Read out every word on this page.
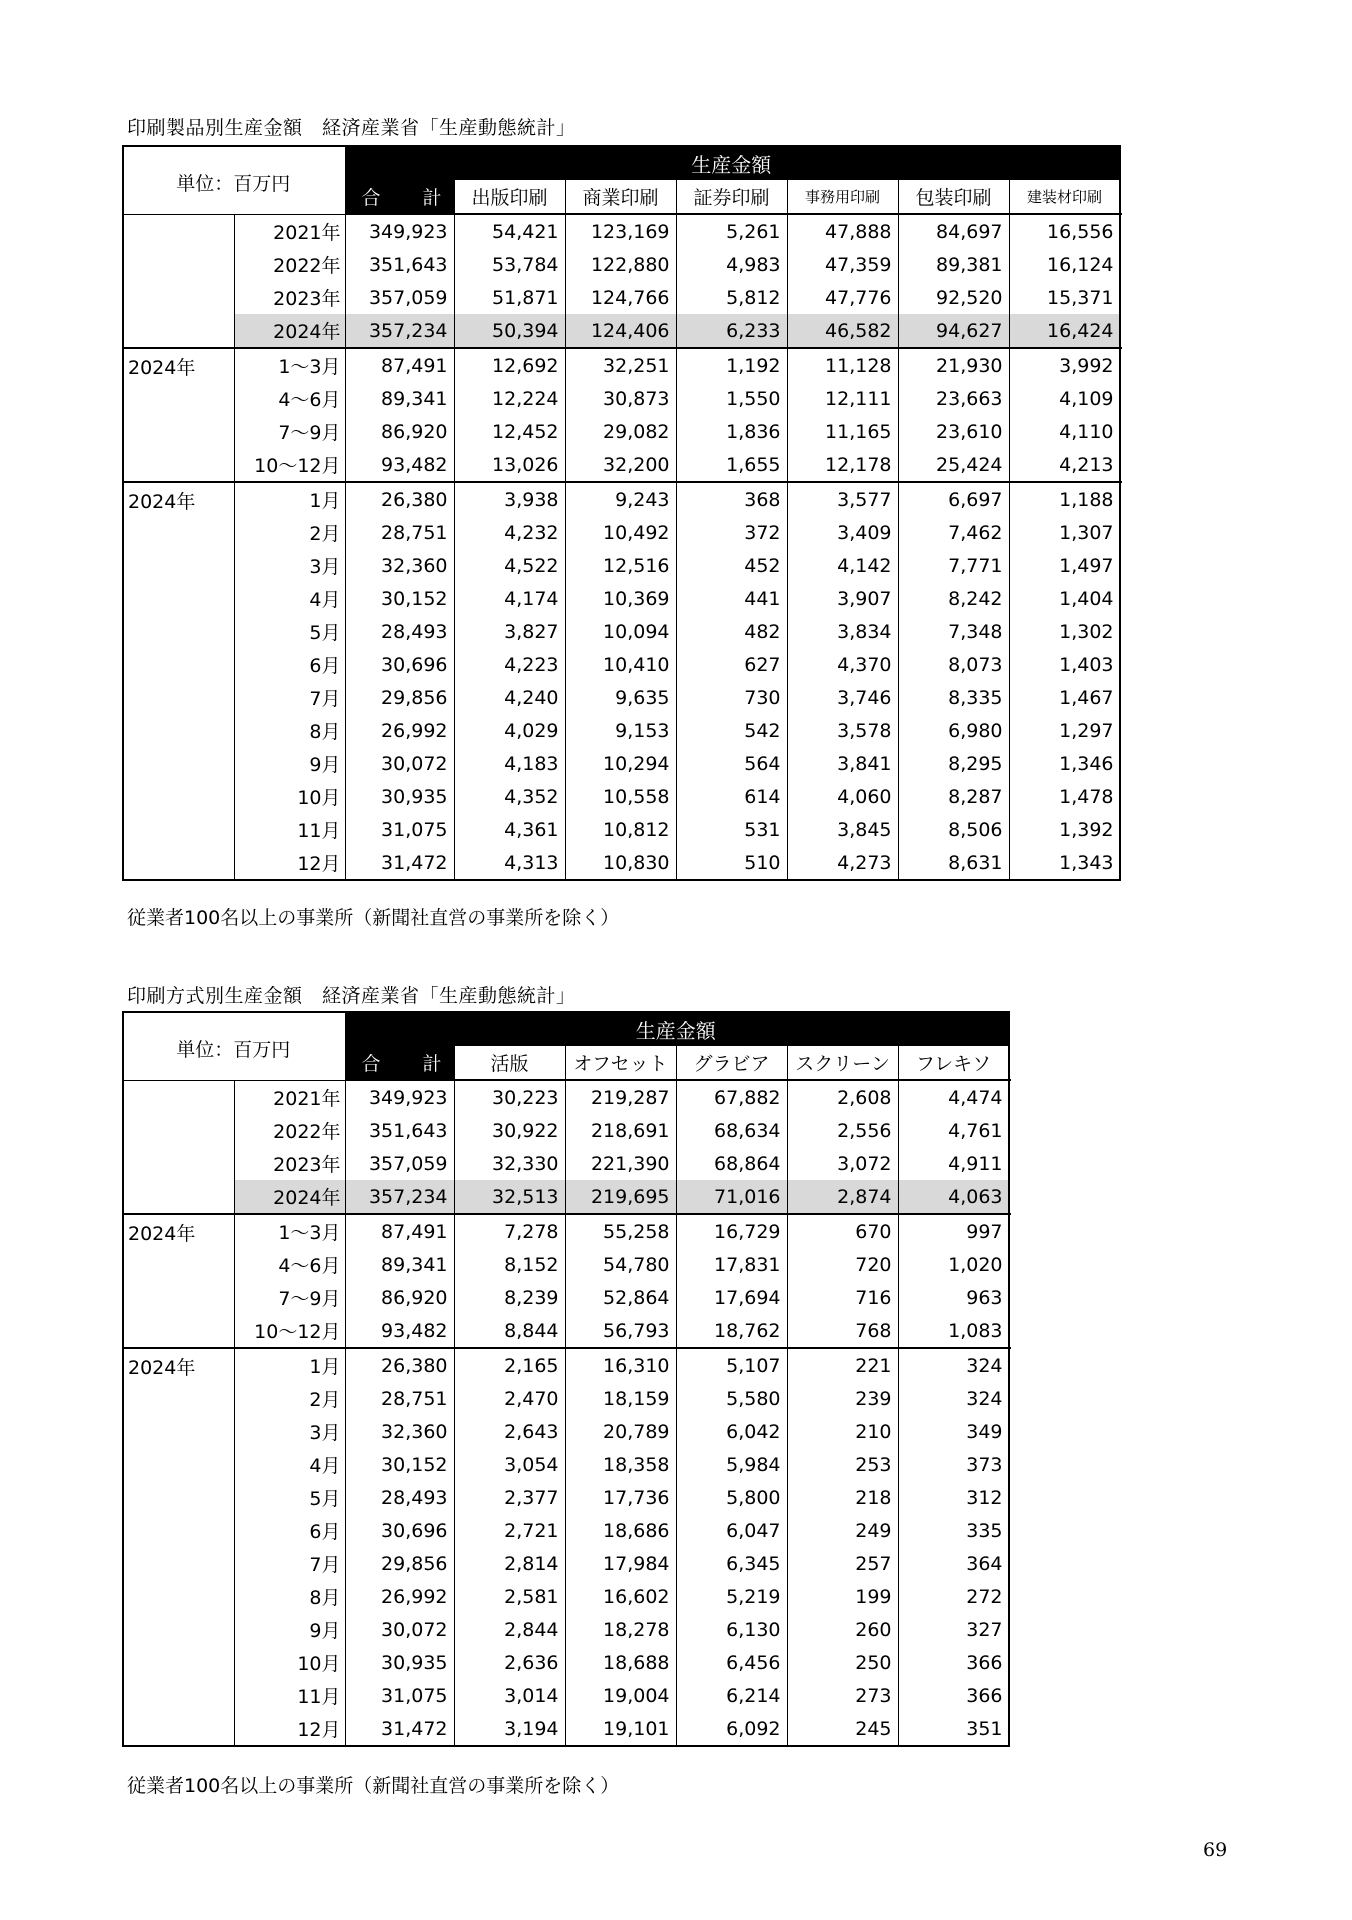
印刷製品別生産金額　経済産業省「生産動態統計」
単位：百万円		生産金額							

		合 計	出版印刷	商業印刷	証券印刷	事務用印刷	包装印刷	建装材印刷	
	2021年	349,923	54,421	123,169	5,261	47,888	84,697	16,556	
	2022年	351,643	53,784	122,880	4,983	47,359	89,381	16,124	
	2023年	357,059	51,871	124,766	5,812	47,776	92,520	15,371	
	2024年	357,234	50,394	124,406	6,233	46,582	94,627	16,424	
2024年	1～3月	87,491	12,692	32,251	1,192	11,128	21,930	3,992	
	4～6月	89,341	12,224	30,873	1,550	12,111	23,663	4,109	
	7～9月	86,920	12,452	29,082	1,836	11,165	23,610	4,110	
	10～12月	93,482	13,026	32,200	1,655	12,178	25,424	4,213	
2024年	1月	26,380	3,938	9,243	368	3,577	6,697	1,188	
	2月	28,751	4,232	10,492	372	3,409	7,462	1,307	
	3月	32,360	4,522	12,516	452	4,142	7,771	1,497	
	4月	30,152	4,174	10,369	441	3,907	8,242	1,404	
	5月	28,493	3,827	10,094	482	3,834	7,348	1,302	
	6月	30,696	4,223	10,410	627	4,370	8,073	1,403	
	7月	29,856	4,240	9,635	730	3,746	8,335	1,467	
	8月	26,992	4,029	9,153	542	3,578	6,980	1,297	
	9月	30,072	4,183	10,294	564	3,841	8,295	1,346	
	10月	30,935	4,352	10,558	614	4,060	8,287	1,478	
	11月	31,075	4,361	10,812	531	3,845	8,506	1,392	
	12月	31,472	4,313	10,830	510	4,273	8,631	1,343	
従業者100名以上の事業所（新聞社直営の事業所を除く）
印刷方式別生産金額　経済産業省「生産動態統計」
単位：百万円		生産金額						

		合 計	活版	オフセット	グラビア	スクリーン	フレキソ	
	2021年	349,923	30,223	219,287	67,882	2,608	4,474	
	2022年	351,643	30,922	218,691	68,634	2,556	4,761	
	2023年	357,059	32,330	221,390	68,864	3,072	4,911	
	2024年	357,234	32,513	219,695	71,016	2,874	4,063	
2024年	1～3月	87,491	7,278	55,258	16,729	670	997	
	4～6月	89,341	8,152	54,780	17,831	720	1,020	
	7～9月	86,920	8,239	52,864	17,694	716	963	
	10～12月	93,482	8,844	56,793	18,762	768	1,083	
2024年	1月	26,380	2,165	16,310	5,107	221	324	
	2月	28,751	2,470	18,159	5,580	239	324	
	3月	32,360	2,643	20,789	6,042	210	349	
	4月	30,152	3,054	18,358	5,984	253	373	
	5月	28,493	2,377	17,736	5,800	218	312	
	6月	30,696	2,721	18,686	6,047	249	335	
	7月	29,856	2,814	17,984	6,345	257	364	
	8月	26,992	2,581	16,602	5,219	199	272	
	9月	30,072	2,844	18,278	6,130	260	327	
	10月	30,935	2,636	18,688	6,456	250	366	
	11月	31,075	3,014	19,004	6,214	273	366	
	12月	31,472	3,194	19,101	6,092	245	351	
従業者100名以上の事業所（新聞社直営の事業所を除く）
69
